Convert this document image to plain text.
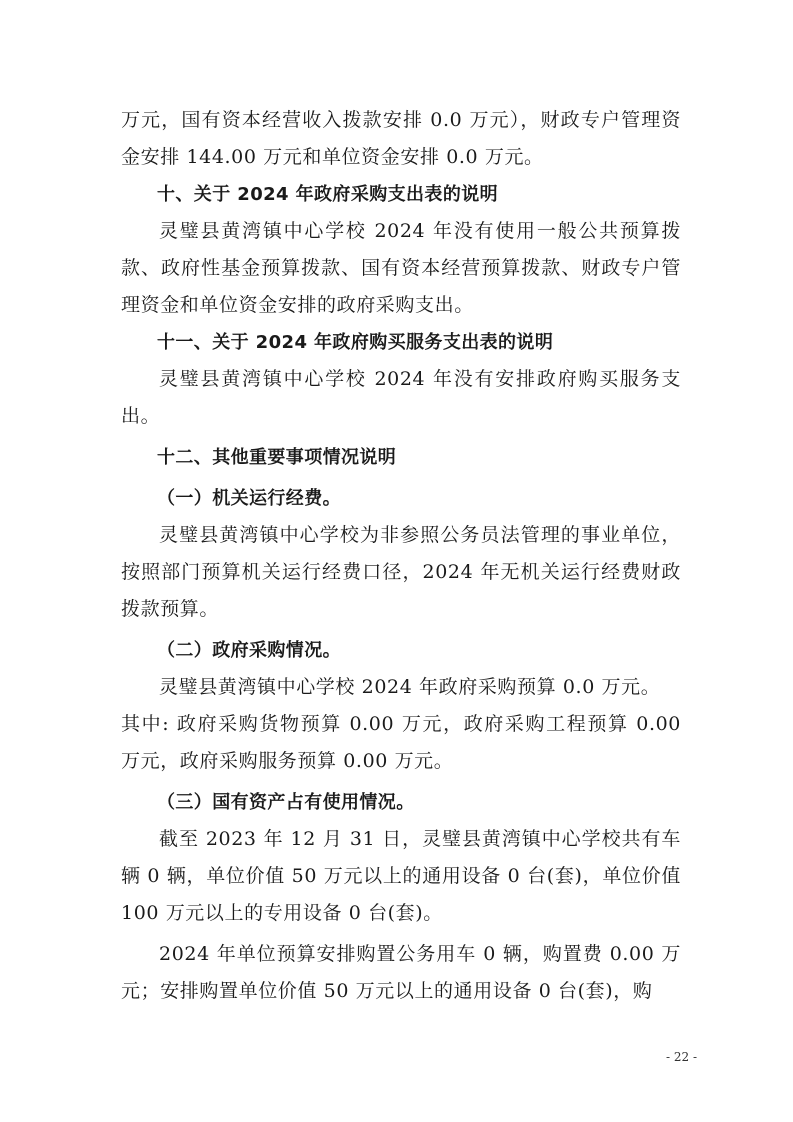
万元，国有资本经营收入拨款安排 0.0 万元），财政专户管理资金安排 144.00 万元和单位资金安排 0.0 万元。

十、关于 2024 年政府采购支出表的说明

灵璧县黄湾镇中心学校 2024 年没有使用一般公共预算拨款、政府性基金预算拨款、国有资本经营预算拨款、财政专户管理资金和单位资金安排的政府采购支出。

十一、关于 2024 年政府购买服务支出表的说明

灵璧县黄湾镇中心学校 2024 年没有安排政府购买服务支出。

十二、其他重要事项情况说明

（一）机关运行经费。

灵璧县黄湾镇中心学校为非参照公务员法管理的事业单位，按照部门预算机关运行经费口径，2024 年无机关运行经费财政拨款预算。

（二）政府采购情况。

灵璧县黄湾镇中心学校 2024 年政府采购预算 0.0 万元。

其中: 政府采购货物预算 0.00 万元，政府采购工程预算 0.00 万元，政府采购服务预算 0.00 万元。

（三）国有资产占有使用情况。

截至 2023 年 12 月 31 日，灵璧县黄湾镇中心学校共有车辆 0 辆，单位价值 50 万元以上的通用设备 0 台(套)，单位价值 100 万元以上的专用设备 0 台(套)。

2024 年单位预算安排购置公务用车 0 辆，购置费 0.00 万元；安排购置单位价值 50 万元以上的通用设备 0 台(套)，购

- 22 -
